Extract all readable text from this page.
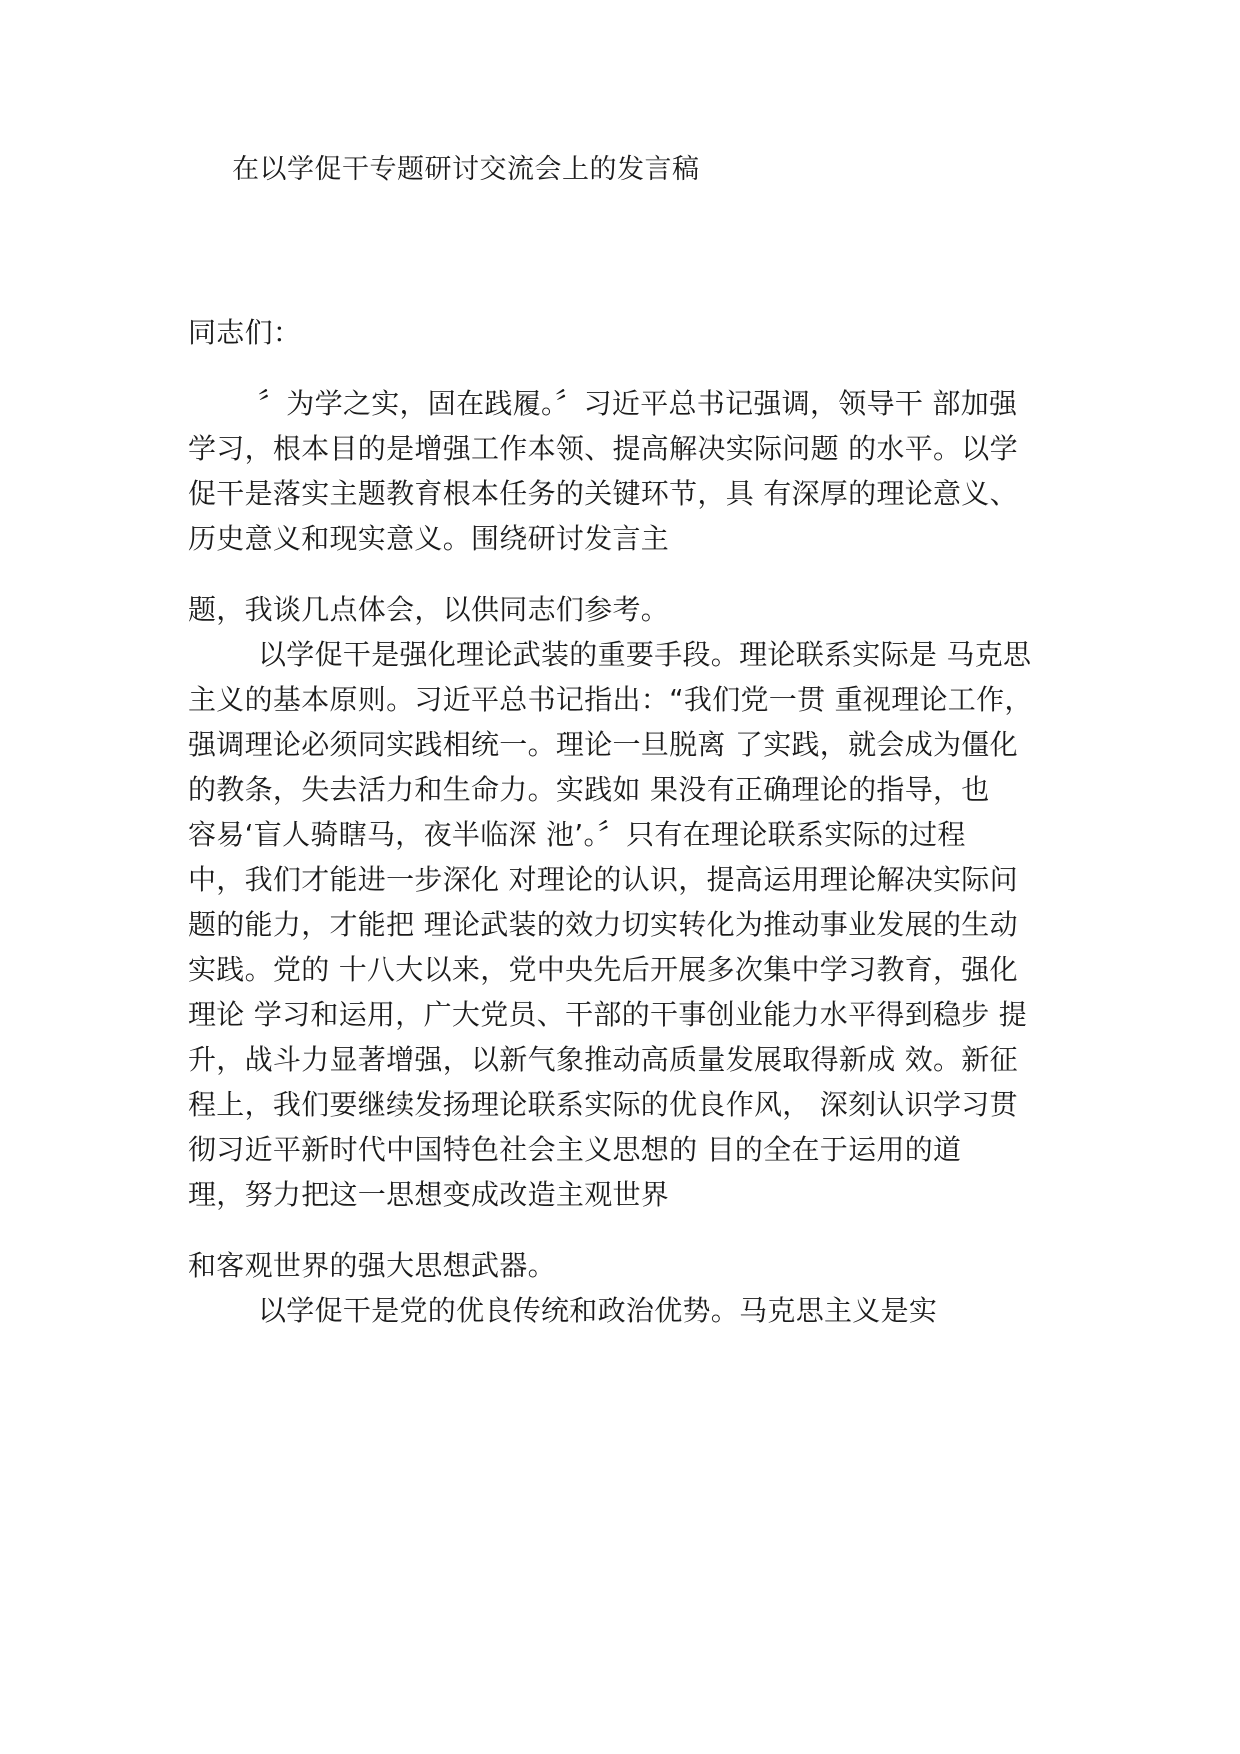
在以学促干专题研讨交流会上的发言稿
同志们：
〞为学之实，固在践履。〞习近平总书记强调，领导干 部加强
学习，根本目的是增强工作本领、提高解决实际问题 的水平。以学
促干是落实主题教育根本任务的关键环节，具 有深厚的理论意义、
历史意义和现实意义。围绕研讨发言主
题，我谈几点体会，以供同志们参考。
以学促干是强化理论武装的重要手段。理论联系实际是 马克思
主义的基本原则。习近平总书记指出：“我们党一贯 重视理论工作，
强调理论必须同实践相统一。理论一旦脱离 了实践，就会成为僵化
的教条，失去活力和生命力。实践如 果没有正确理论的指导，也
容易‘盲人骑瞎马，夜半临深 池’。〞只有在理论联系实际的过程
中，我们才能进一步深化 对理论的认识，提高运用理论解决实际问
题的能力，才能把 理论武装的效力切实转化为推动事业发展的生动
实践。党的 十八大以来，党中央先后开展多次集中学习教育，强化
理论 学习和运用，广大党员、干部的干事创业能力水平得到稳步 提
升，战斗力显著增强，以新气象推动高质量发展取得新成 效。新征
程上，我们要继续发扬理论联系实际的优良作风， 深刻认识学习贯
彻习近平新时代中国特色社会主义思想的 目的全在于运用的道
理，努力把这一思想变成改造主观世界
和客观世界的强大思想武器。
以学促干是党的优良传统和政治优势。马克思主义是实
